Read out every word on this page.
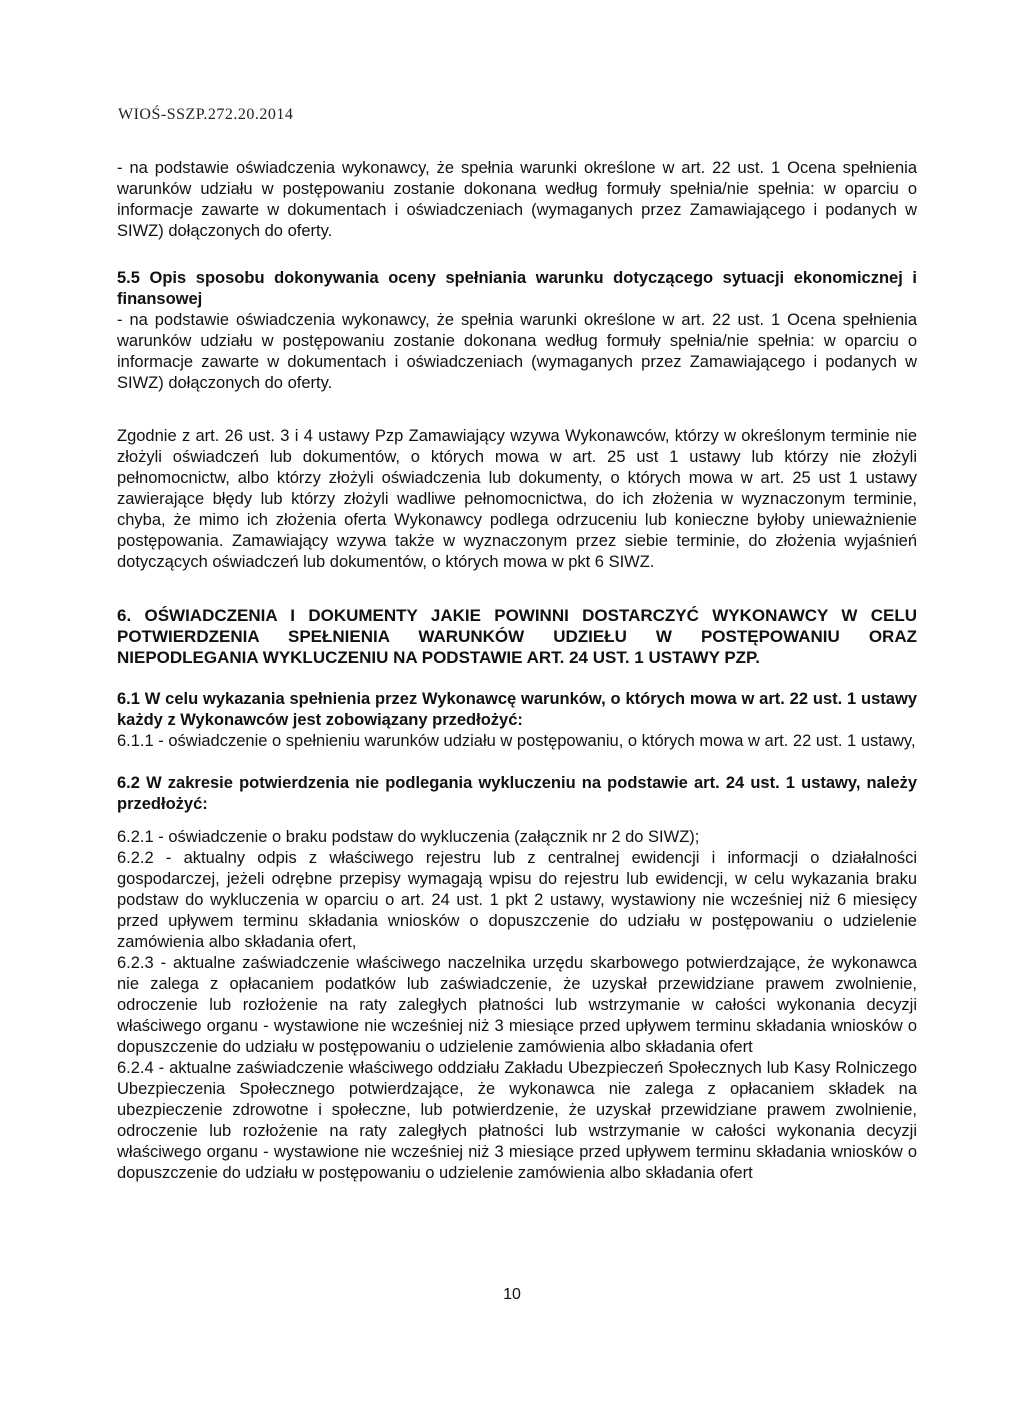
WIOŚ-SSZP.272.20.2014

- na podstawie oświadczenia wykonawcy, że spełnia warunki określone w art. 22 ust. 1 Ocena spełnienia warunków udziału w postępowaniu zostanie dokonana według formuły spełnia/nie spełnia: w oparciu o informacje zawarte w dokumentach i oświadczeniach (wymaganych przez Zamawiającego i podanych w SIWZ) dołączonych do oferty.

5.5 Opis sposobu dokonywania oceny spełniania warunku dotyczącego sytuacji ekonomicznej i finansowej

- na podstawie oświadczenia wykonawcy, że spełnia warunki określone w art. 22 ust. 1 Ocena spełnienia warunków udziału w postępowaniu zostanie dokonana według formuły spełnia/nie spełnia: w oparciu o informacje zawarte w dokumentach i oświadczeniach (wymaganych przez Zamawiającego i podanych w SIWZ) dołączonych do oferty.

Zgodnie z art. 26 ust. 3 i 4 ustawy Pzp Zamawiający wzywa Wykonawców, którzy w określonym terminie nie złożyli oświadczeń lub dokumentów, o których mowa w art. 25 ust 1 ustawy lub którzy nie złożyli pełnomocnictw, albo którzy złożyli oświadczenia lub dokumenty, o których mowa w art. 25 ust 1 ustawy zawierające błędy lub którzy złożyli wadliwe pełnomocnictwa, do ich złożenia w wyznaczonym terminie, chyba, że mimo ich złożenia oferta Wykonawcy podlega odrzuceniu lub konieczne byłoby unieważnienie postępowania. Zamawiający wzywa także w wyznaczonym przez siebie terminie, do złożenia wyjaśnień dotyczących oświadczeń lub dokumentów, o których mowa w pkt 6 SIWZ.

6. OŚWIADCZENIA I DOKUMENTY JAKIE POWINNI DOSTARCZYĆ WYKONAWCY W CELU POTWIERDZENIA SPEŁNIENIA WARUNKÓW UDZIEŁU W POSTĘPOWANIU ORAZ NIEPODLEGANIA WYKLUCZENIU NA PODSTAWIE ART. 24 UST. 1 USTAWY PZP.

6.1 W celu wykazania spełnienia przez Wykonawcę warunków, o których mowa w art. 22 ust. 1 ustawy każdy z Wykonawców jest zobowiązany przedłożyć:

6.1.1 - oświadczenie o spełnieniu warunków udziału w postępowaniu, o których mowa w art. 22 ust. 1 ustawy,

6.2 W zakresie potwierdzenia nie podlegania wykluczeniu na podstawie art. 24 ust. 1 ustawy, należy przedłożyć:

6.2.1 - oświadczenie o braku podstaw do wykluczenia (załącznik nr 2 do SIWZ);

6.2.2 - aktualny odpis z właściwego rejestru lub z centralnej ewidencji i informacji o działalności gospodarczej, jeżeli odrębne przepisy wymagają wpisu do rejestru lub ewidencji, w celu wykazania braku podstaw do wykluczenia w oparciu o art. 24 ust. 1 pkt 2 ustawy, wystawiony nie wcześniej niż 6 miesięcy przed upływem terminu składania wniosków o dopuszczenie do udziału w postępowaniu o udzielenie zamówienia albo składania ofert,

6.2.3 - aktualne zaświadczenie właściwego naczelnika urzędu skarbowego potwierdzające, że wykonawca nie zalega z opłacaniem podatków lub zaświadczenie, że uzyskał przewidziane prawem zwolnienie, odroczenie lub rozłożenie na raty zaległych płatności lub wstrzymanie w całości wykonania decyzji właściwego organu - wystawione nie wcześniej niż 3 miesiące przed upływem terminu składania wniosków o dopuszczenie do udziału w postępowaniu o udzielenie zamówienia albo składania ofert

6.2.4 - aktualne zaświadczenie właściwego oddziału Zakładu Ubezpieczeń Społecznych lub Kasy Rolniczego Ubezpieczenia Społecznego potwierdzające, że wykonawca nie zalega z opłacaniem składek na ubezpieczenie zdrowotne i społeczne, lub potwierdzenie, że uzyskał przewidziane prawem zwolnienie, odroczenie lub rozłożenie na raty zaległych płatności lub wstrzymanie w całości wykonania decyzji właściwego organu - wystawione nie wcześniej niż 3 miesiące przed upływem terminu składania wniosków o dopuszczenie do udziału w postępowaniu o udzielenie zamówienia albo składania ofert

10
